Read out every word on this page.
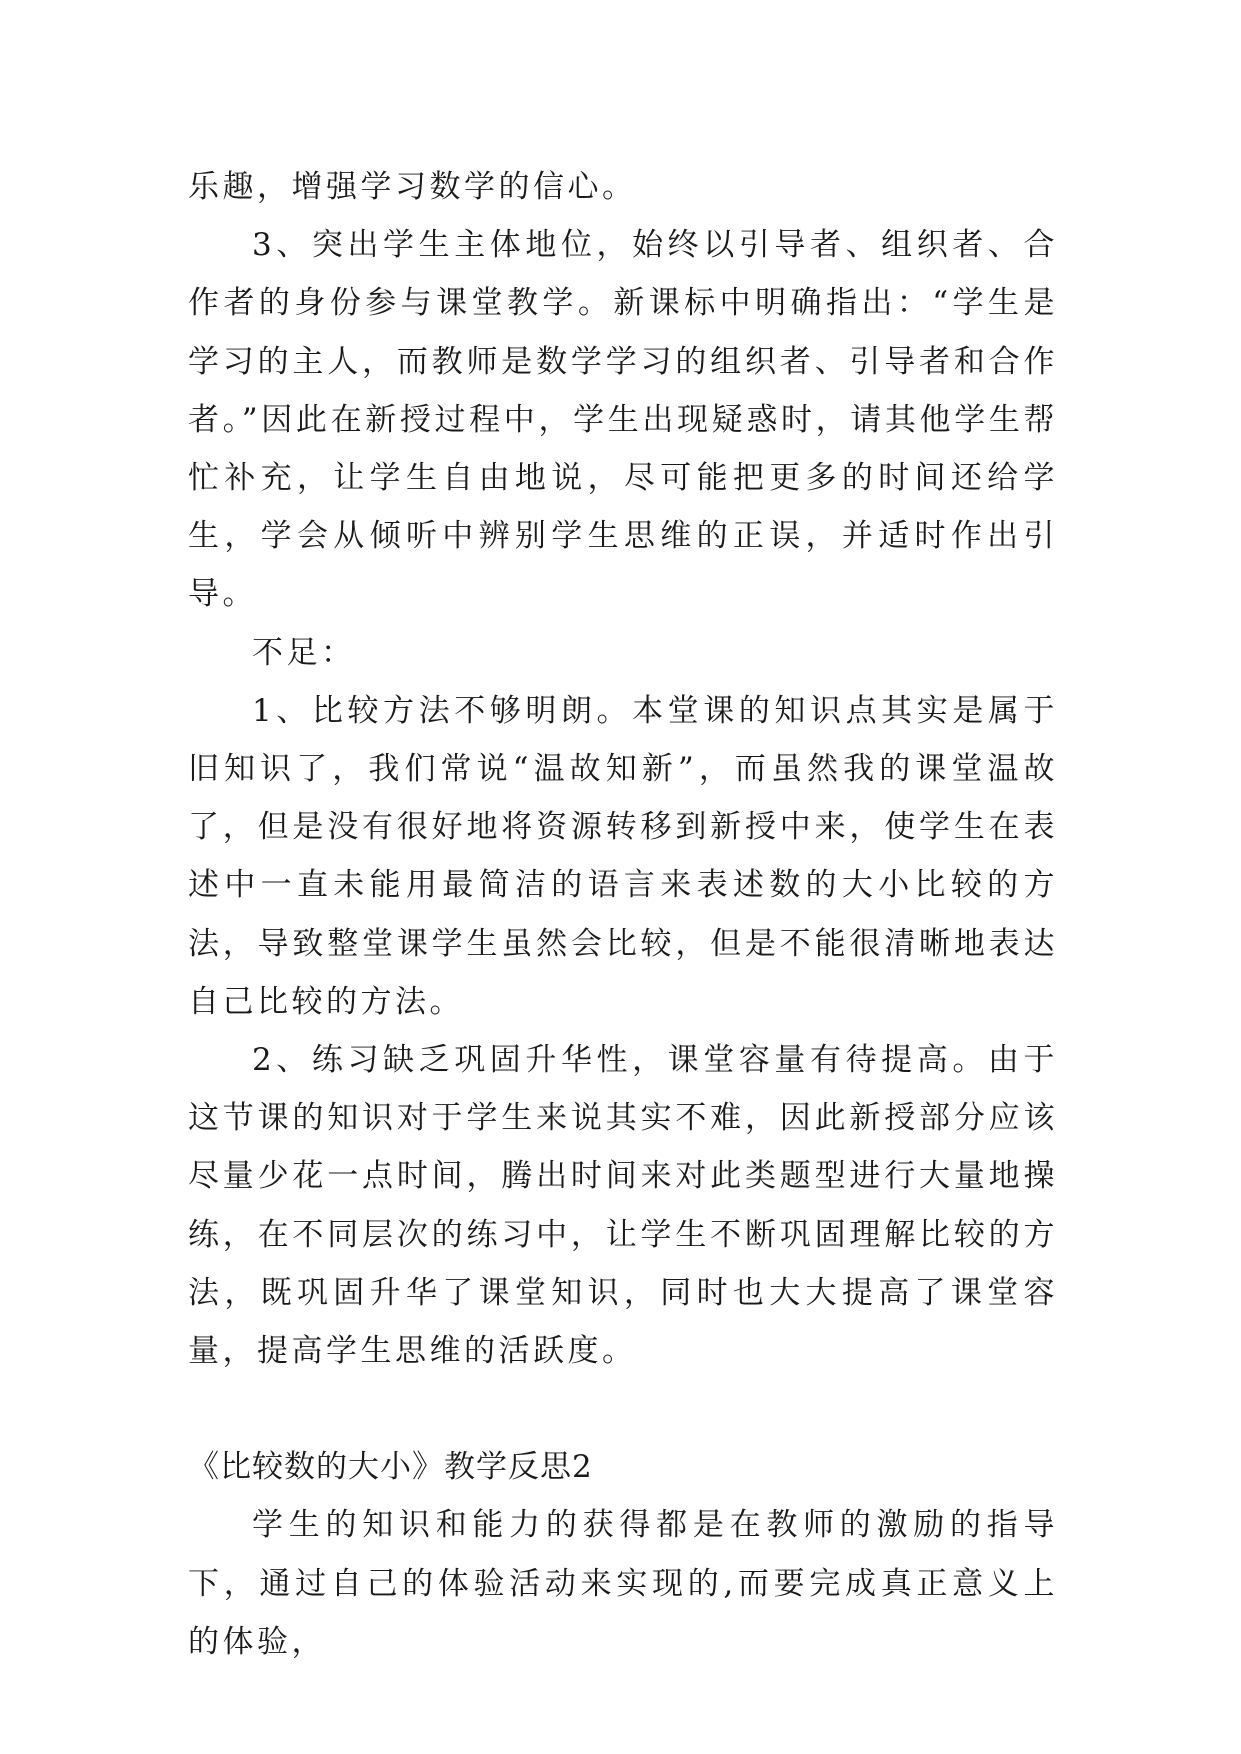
乐趣，增强学习数学的信心。

3、突出学生主体地位，始终以引导者、组织者、合作者的身份参与课堂教学。新课标中明确指出：“学生是学习的主人，而教师是数学学习的组织者、引导者和合作者。”因此在新授过程中，学生出现疑惑时，请其他学生帮忙补充，让学生自由地说，尽可能把更多的时间还给学生，学会从倾听中辨别学生思维的正误，并适时作出引导。

不足：

1、比较方法不够明朗。本堂课的知识点其实是属于旧知识了，我们常说“温故知新”，而虽然我的课堂温故了，但是没有很好地将资源转移到新授中来，使学生在表述中一直未能用最简洁的语言来表述数的大小比较的方法，导致整堂课学生虽然会比较，但是不能很清晰地表达自己比较的方法。

2、练习缺乏巩固升华性，课堂容量有待提高。由于这节课的知识对于学生来说其实不难，因此新授部分应该尽量少花一点时间，腾出时间来对此类题型进行大量地操练，在不同层次的练习中，让学生不断巩固理解比较的方法，既巩固升华了课堂知识，同时也大大提高了课堂容量，提高学生思维的活跃度。

《比较数的大小》教学反思2

学生的知识和能力的获得都是在教师的激励的指导下，通过自己的体验活动来实现的,而要完成真正意义上的体验，
